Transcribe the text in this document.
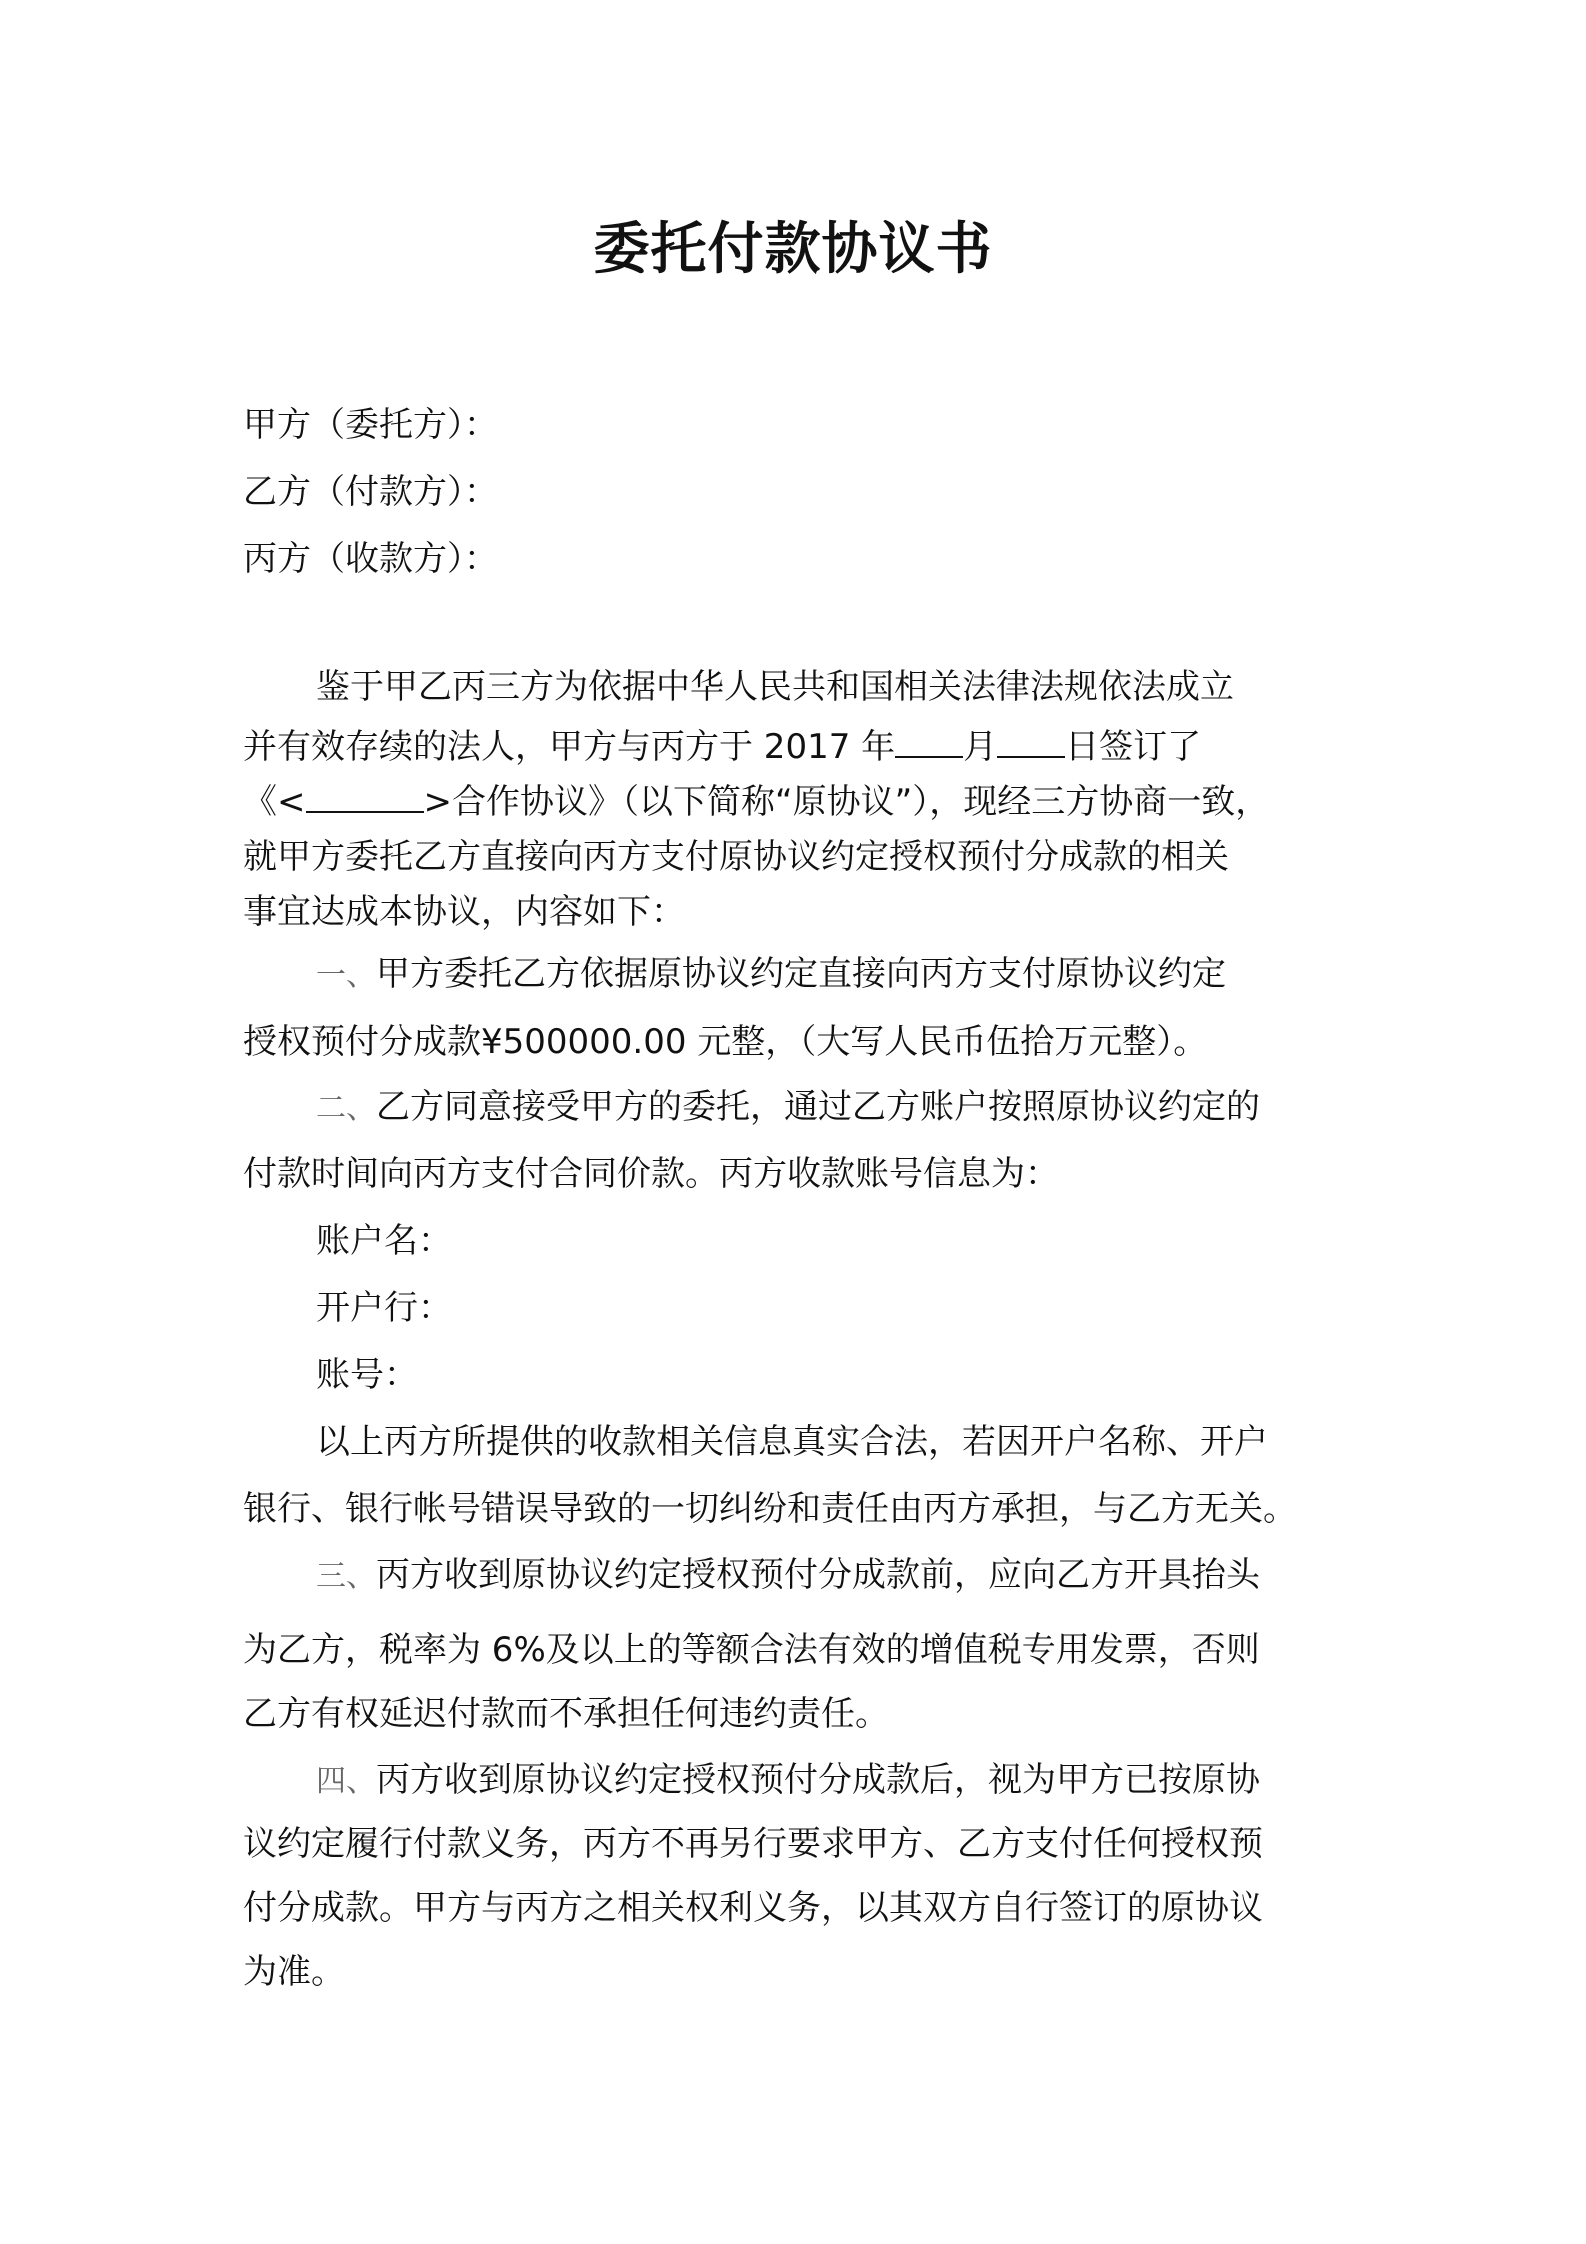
委托付款协议书
甲方（委托方）：
乙方（付款方）：
丙方（收款方）：
鉴于甲乙丙三方为依据中华人民共和国相关法律法规依法成立
并有效存续的法人，甲方与丙方于 2017 年 月 日签订了
《<	>合作协议》（以下简称“原协议”），现经三方协商一致，
就甲方委托乙方直接向丙方支付原协议约定授权预付分成款的相关
事宜达成本协议，内容如下：
一、甲方委托乙方依据原协议约定直接向丙方支付原协议约定
授权预付分成款¥500000.00 元整，（大写人民币伍拾万元整）。
二、乙方同意接受甲方的委托，通过乙方账户按照原协议约定的
付款时间向丙方支付合同价款。丙方收款账号信息为：
账户名：
开户行：
账号：
以上丙方所提供的收款相关信息真实合法，若因开户名称、开户
银行、银行帐号错误导致的一切纠纷和责任由丙方承担，与乙方无关。
三、丙方收到原协议约定授权预付分成款前，应向乙方开具抬头
为乙方，税率为 6%及以上的等额合法有效的增值税专用发票，否则
乙方有权延迟付款而不承担任何违约责任。
四、丙方收到原协议约定授权预付分成款后，视为甲方已按原协
议约定履行付款义务，丙方不再另行要求甲方、乙方支付任何授权预
付分成款。甲方与丙方之相关权利义务，以其双方自行签订的原协议
为准。
